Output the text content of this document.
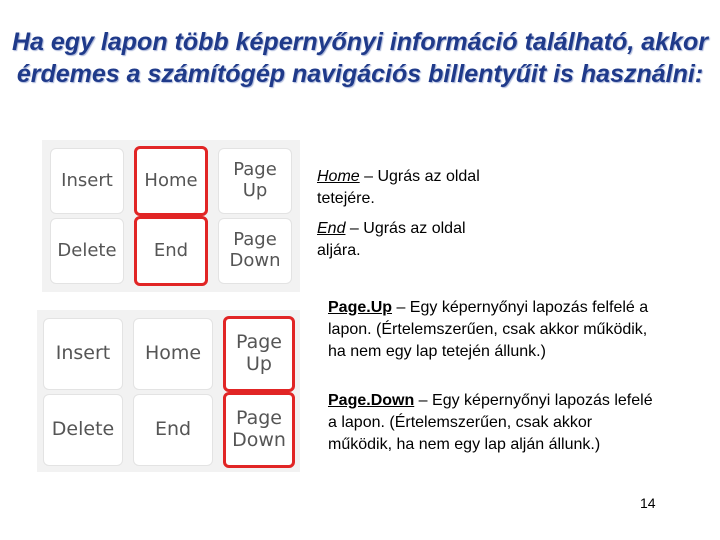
Ha egy lapon több képernyőnyi információ található, akkor érdemes a számítógép navigációs billentyűit is használni:
Insert Home Page
Up
Delete End	Page
Down
Insert Home Page
Up
Delete End Page
Down
Home – Ugrás az oldal tetejére.
End – Ugrás az oldal aljára.
Page.Up – Egy képernyőnyi lapozás felfelé a lapon. (Értelemszerűen, csak akkor működik, ha nem egy lap tetején állunk.)
Page.Down – Egy képernyőnyi lapozás lefelé a lapon. (Értelemszerűen, csak akkor működik, ha nem egy lap alján állunk.)
14
